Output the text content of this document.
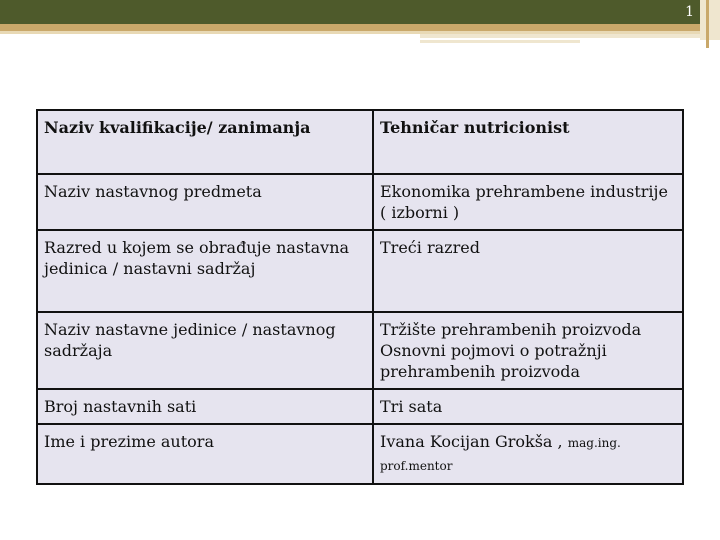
1
Naziv kvalifikacije/ zanimanja	Tehničar nutricionist

Naziv nastavnog predmeta	Ekonomika prehrambene industrije
( izborni )

Razred u kojem se obrađuje nastavna
jedinica / nastavni sadržaj	Treći razred

Naziv nastavne jedinice / nastavnog
sadržaja	Tržište prehrambenih proizvoda
Osnovni pojmovi o potražnji
prehrambenih proizvoda

Broj nastavnih sati	Tri sata

Ime i prezime autora	Ivana Kocijan Grokša , mag.ing. prof.mentor
